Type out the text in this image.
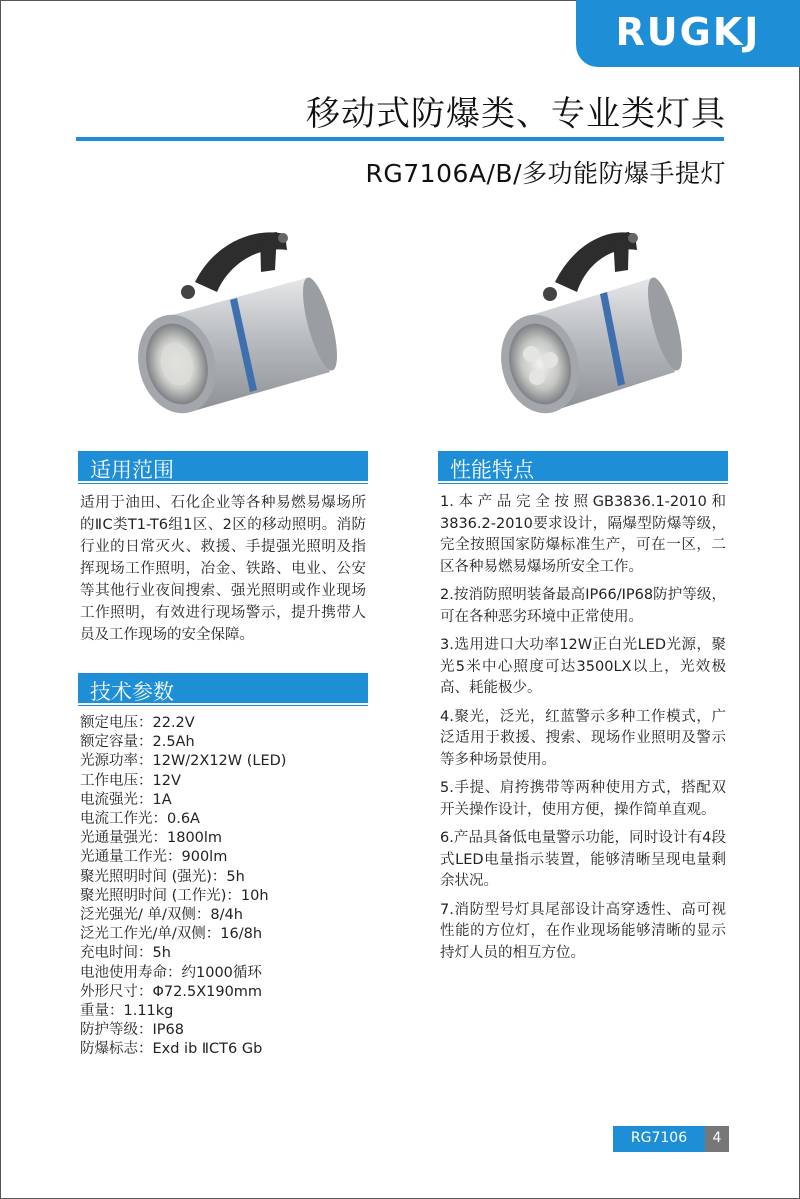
RUGKJ
移动式防爆类、专业类灯具
RG7106A/B/多功能防爆手提灯
适用范围

适用于油田、石化企业等各种易燃易爆场所的ⅡC类T1-T6组1区、2区的移动照明。消防行业的日常灭火、救援、手提强光照明及指挥现场工作照明，冶金、铁路、电业、公安等其他行业夜间搜索、强光照明或作业现场工作照明，有效进行现场警示，提升携带人员及工作现场的安全保障。

技术参数
额定电压：22.2V
额定容量：2.5Ah
光源功率：12W/2X12W (LED)
工作电压：12V
电流强光：1A
电流工作光：0.6A
光通量强光：1800lm
光通量工作光：900lm
聚光照明时间 (强光)：5h
聚光照明时间 (工作光)：10h
泛光强光/ 单/双侧：8/4h
泛光工作光/单/双侧：16/8h
充电时间：5h
电池使用寿命：约1000循环
外形尺寸：Φ72.5X190mm
重量：1.11kg
防护等级：IP68
防爆标志：Exd ib ⅡCT6 Gb
性能特点

1.本产品完全按照GB3836.1-2010和3836.2-2010要求设计，隔爆型防爆等级，完全按照国家防爆标准生产，可在一区，二区各种易燃易爆场所安全工作。

2.按消防照明装备最高IP66/IP68防护等级，可在各种恶劣环境中正常使用。

3.选用进口大功率12W正白光LED光源，聚光5米中心照度可达3500LX以上，光效极高、耗能极少。

4.聚光，泛光，红蓝警示多种工作模式，广泛适用于救援、搜索、现场作业照明及警示等多种场景使用。

5.手提、肩挎携带等两种使用方式，搭配双开关操作设计，使用方便，操作简单直观。

6.产品具备低电量警示功能，同时设计有4段式LED电量指示装置，能够清晰呈现电量剩余状况。

7.消防型号灯具尾部设计高穿透性、高可视性能的方位灯，在作业现场能够清晰的显示持灯人员的相互方位。

RG7106	4
